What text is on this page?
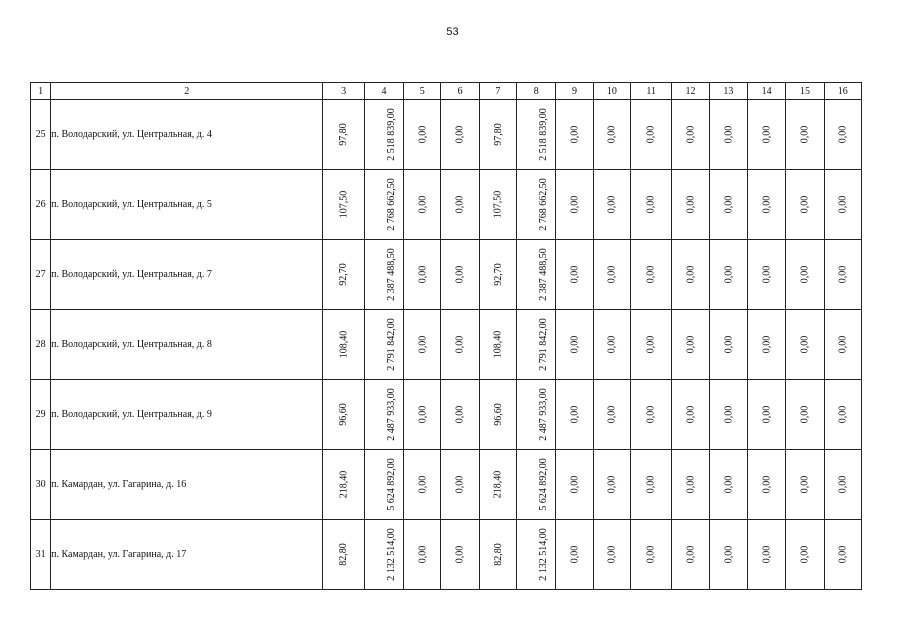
53
1	2	3	4	5	6	7	8	9	10	11	12	13	14	15	16
25	п. Володарский, ул. Центральная, д. 4	97,80	2 518 839,00	0,00	0,00	97,80	2 518 839,00	0,00	0,00	0,00	0,00	0,00	0,00	0,00	0,00
26	п. Володарский, ул. Центральная, д. 5	107,50	2 768 662,50	0,00	0,00	107,50	2 768 662,50	0,00	0,00	0,00	0,00	0,00	0,00	0,00	0,00
27	п. Володарский, ул. Центральная, д. 7	92,70	2 387 488,50	0,00	0,00	92,70	2 387 488,50	0,00	0,00	0,00	0,00	0,00	0,00	0,00	0,00
28	п. Володарский, ул. Центральная, д. 8	108,40	2 791 842,00	0,00	0,00	108,40	2 791 842,00	0,00	0,00	0,00	0,00	0,00	0,00	0,00	0,00
29	п. Володарский, ул. Центральная, д. 9	96,60	2 487 933,00	0,00	0,00	96,60	2 487 933,00	0,00	0,00	0,00	0,00	0,00	0,00	0,00	0,00
30	п. Камардан, ул. Гагарина, д. 16	218,40	5 624 892,00	0,00	0,00	218,40	5 624 892,00	0,00	0,00	0,00	0,00	0,00	0,00	0,00	0,00
31	п. Камардан, ул. Гагарина, д. 17	82,80	2 132 514,00	0,00	0,00	82,80	2 132 514,00	0,00	0,00	0,00	0,00	0,00	0,00	0,00	0,00
